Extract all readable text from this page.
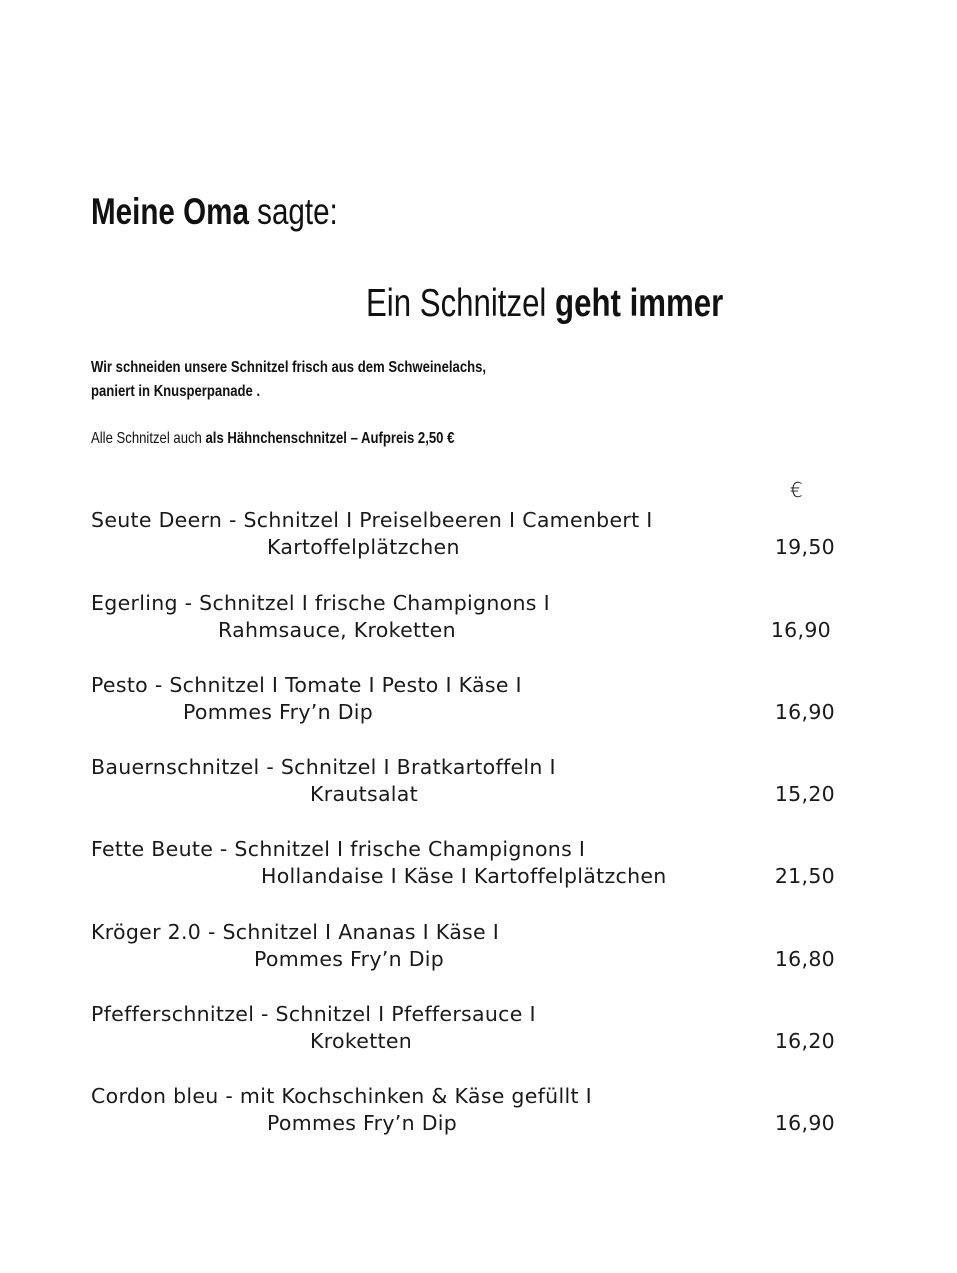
Meine Oma sagte:
Ein Schnitzel geht immer
Wir schneiden unsere Schnitzel frisch aus dem Schweinelachs,
paniert in Knusperpanade .
Alle Schnitzel auch als Hähnchenschnitzel – Aufpreis 2,50 €
€
Seute Deern - Schnitzel I Preiselbeeren I Camenbert I
Kartoffelplätzchen	19,50
Egerling - Schnitzel I frische Champignons I
Rahmsauce, Kroketten	16,90
Pesto - Schnitzel I Tomate I Pesto I Käse I
Pommes Fry’n Dip	16,90
Bauernschnitzel - Schnitzel I Bratkartoffeln I
Krautsalat	15,20
Fette Beute - Schnitzel I frische Champignons I
Hollandaise I Käse I Kartoffelplätzchen	21,50
Kröger 2.0 - Schnitzel I Ananas I Käse I
Pommes Fry’n Dip	16,80
Pfefferschnitzel - Schnitzel I Pfeffersauce I
Kroketten	16,20
Cordon bleu - mit Kochschinken & Käse gefüllt I
Pommes Fry’n Dip	16,90
